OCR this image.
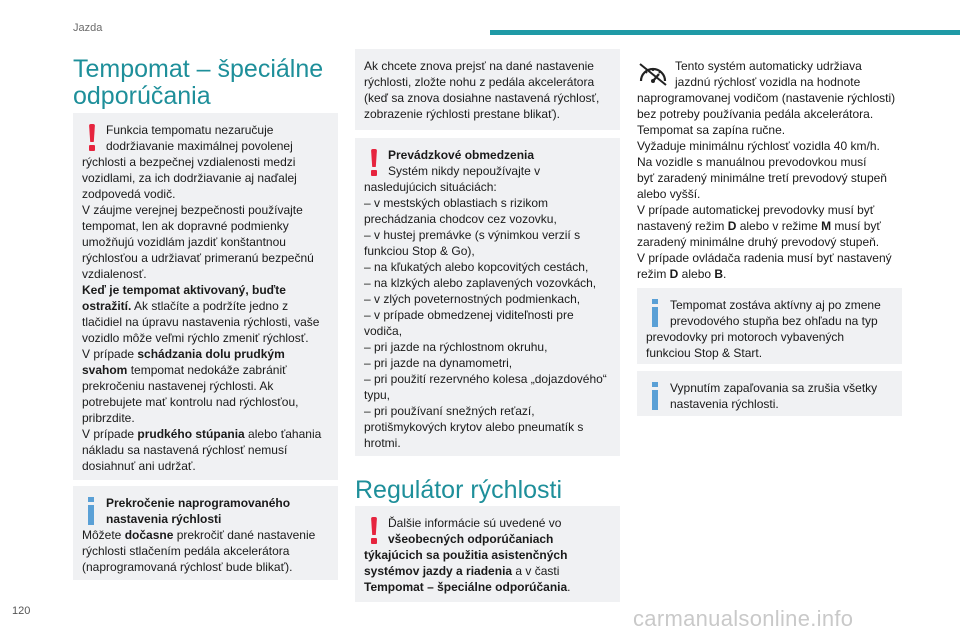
Jazda
Tempomat – špeciálne
odporúčania

Funkcia tempomatu nezaručuje

dodržiavanie maximálnej povolenej

rýchlosti a bezpečnej vzdialenosti medzi

vozidlami, za ich dodržiavanie aj naďalej

zodpovedá vodič.

V záujme verejnej bezpečnosti používajte

tempomat, len ak dopravné podmienky

umožňujú vozidlám jazdiť konštantnou

rýchlosťou a udržiavať primeranú bezpečnú

vzdialenosť.

Keď je tempomat aktivovaný, buďte

ostražití. Ak stlačíte a podržíte jedno z

tlačidiel na úpravu nastavenia rýchlosti, vaše

vozidlo môže veľmi rýchlo zmeniť rýchlosť.

V prípade schádzania dolu prudkým

svahom tempomat nedokáže zabrániť

prekročeniu nastavenej rýchlosti. Ak

potrebujete mať kontrolu nad rýchlosťou,

pribrzdite.

V prípade prudkého stúpania alebo ťahania

nákladu sa nastavená rýchlosť nemusí

dosiahnuť ani udržať.

Prekročenie naprogramovaného

nastavenia rýchlosti

Môžete dočasne prekročiť dané nastavenie

rýchlosti stlačením pedála akcelerátora

(naprogramovaná rýchlosť bude blikať).

Ak chcete znova prejsť na dané nastavenie

rýchlosti, zložte nohu z pedála akcelerátora

(keď sa znova dosiahne nastavená rýchlosť,

zobrazenie rýchlosti prestane blikať).

Prevádzkové obmedzenia

Systém nikdy nepoužívajte v

nasledujúcich situáciách:

– v mestských oblastiach s rizikom

prechádzania chodcov cez vozovku,

– v hustej premávke (s výnimkou verzií s

funkciou Stop & Go),

– na kľukatých alebo kopcovitých cestách,

– na klzkých alebo zaplavených vozovkách,

– v zlých poveternostných podmienkach,

– v prípade obmedzenej viditeľnosti pre

vodiča,

– pri jazde na rýchlostnom okruhu,

– pri jazde na dynamometri,

– pri použití rezervného kolesa „dojazdového“

typu,

– pri používaní snežných reťazí,

protišmykových krytov alebo pneumatík s

hrotmi.

Regulátor rýchlosti

Ďalšie informácie sú uvedené vo

všeobecných odporúčaniach

týkajúcich sa použitia asistenčných

systémov jazdy a riadenia a v časti

Tempomat – špeciálne odporúčania.

Tento systém automaticky udržiava

jazdnú rýchlosť vozidla na hodnote

naprogramovanej vodičom (nastavenie rýchlosti)

bez potreby používania pedála akcelerátora.

Tempomat sa zapína ručne.

Vyžaduje minimálnu rýchlosť vozidla 40 km/h.

Na vozidle s manuálnou prevodovkou musí

byť zaradený minimálne tretí prevodový stupeň

alebo vyšší.

V prípade automatickej prevodovky musí byť

nastavený režim D alebo v režime M musí byť

zaradený minimálne druhý prevodový stupeň.

V prípade ovládača radenia musí byť nastavený

režim D alebo B.

Tempomat zostáva aktívny aj po zmene

prevodového stupňa bez ohľadu na typ

prevodovky pri motoroch vybavených

funkciou Stop & Start.

Vypnutím zapaľovania sa zrušia všetky

nastavenia rýchlosti.

120	carmanualsonline.info
